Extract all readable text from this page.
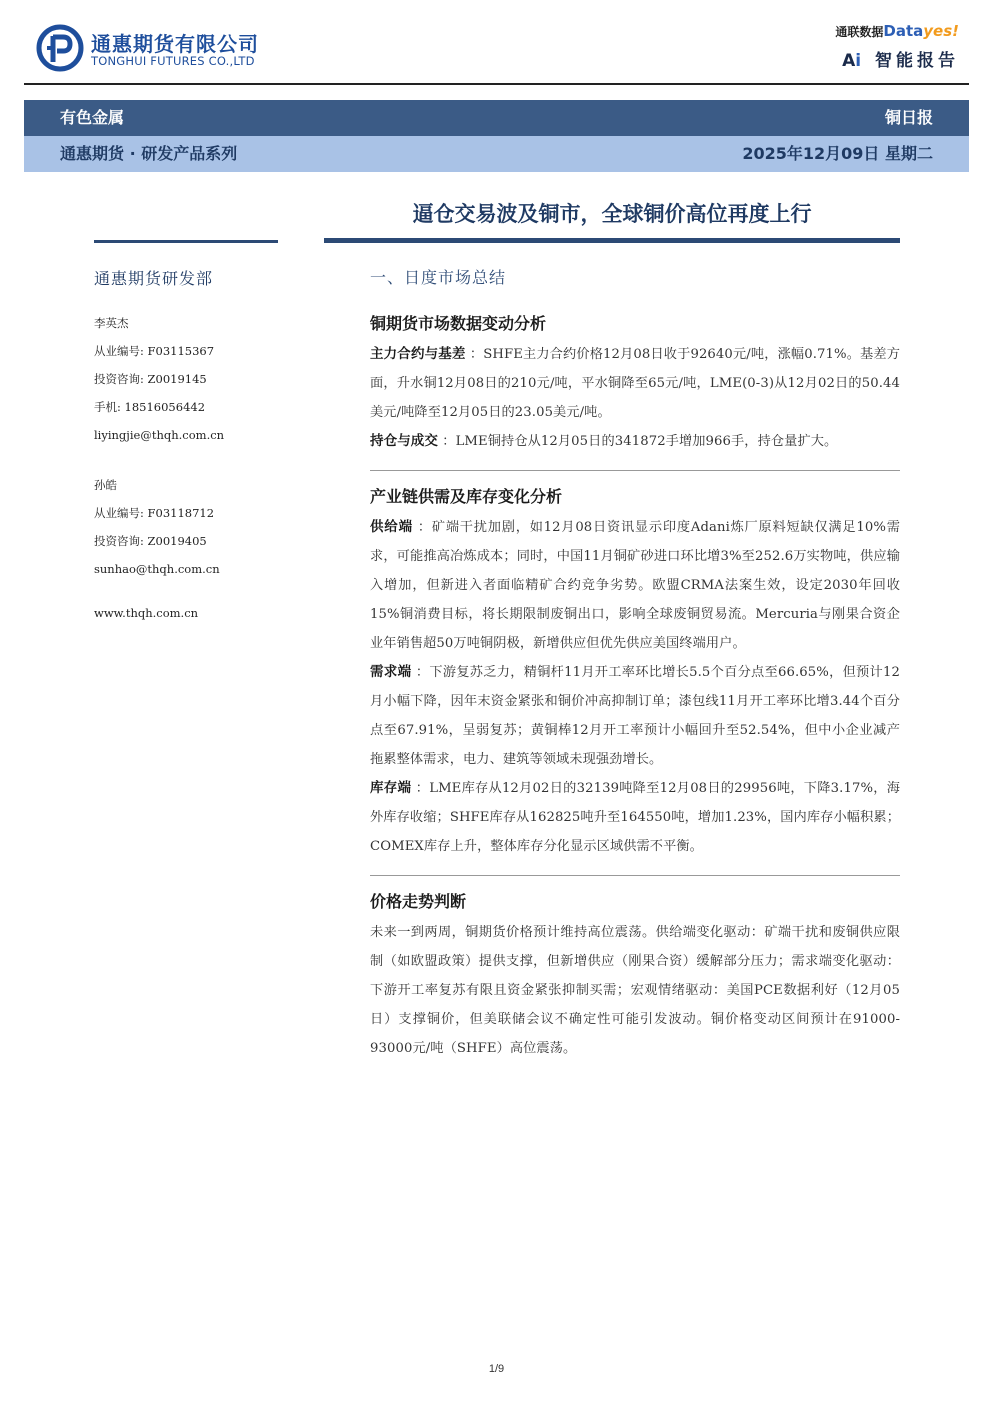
通惠期货有限公司
TONGHUI FUTURES CO.,LTD
通联数据Datayes!
Ai 智能报告
有色金属	铜日报
通惠期货 · 研发产品系列	2025年12月09日 星期二
逼仓交易波及铜市，全球铜价高位再度上行
通惠期货研发部
李英杰
从业编号: F03115367
投资咨询: Z0019145
手机: 18516056442
liyingjie@thqh.com.cn
孙皓
从业编号: F03118712
投资咨询: Z0019405
sunhao@thqh.com.cn
www.thqh.com.cn
一、日度市场总结
铜期货市场数据变动分析

主力合约与基差 ：SHFE主力合约价格12月08日收于92640元/吨，涨幅0.71%。基差方面，升水铜12月08日的210元/吨，平水铜降至65元/吨，LME(0-3)从12月02日的50.44美元/吨降至12月05日的23.05美元/吨。

持仓与成交 ：LME铜持仓从12月05日的341872手增加966手，持仓量扩大。

产业链供需及库存变化分析

供给端 ：矿端干扰加剧，如12月08日资讯显示印度Adani炼厂原料短缺仅满足10%需求，可能推高冶炼成本；同时，中国11月铜矿砂进口环比增3%至252.6万实物吨，供应输入增加，但新进入者面临精矿合约竞争劣势。欧盟CRMA法案生效，设定2030年回收15%铜消费目标，将长期限制废铜出口，影响全球废铜贸易流。Mercuria与刚果合资企业年销售超50万吨铜阴极，新增供应但优先供应美国终端用户。

需求端 ：下游复苏乏力，精铜杆11月开工率环比增长5.5个百分点至66.65%，但预计12月小幅下降，因年末资金紧张和铜价冲高抑制订单；漆包线11月开工率环比增3.44个百分点至67.91%，呈弱复苏；黄铜棒12月开工率预计小幅回升至52.54%，但中小企业减产拖累整体需求，电力、建筑等领域未现强劲增长。

库存端 ：LME库存从12月02日的32139吨降至12月08日的29956吨，下降3.17%，海外库存收缩；SHFE库存从162825吨升至164550吨，增加1.23%，国内库存小幅积累；COMEX库存上升，整体库存分化显示区域供需不平衡。

价格走势判断

未来一到两周，铜期货价格预计维持高位震荡。供给端变化驱动：矿端干扰和废铜供应限制（如欧盟政策）提供支撑，但新增供应（刚果合资）缓解部分压力；需求端变化驱动：下游开工率复苏有限且资金紧张抑制买需；宏观情绪驱动：美国PCE数据利好（12月05日）支撑铜价，但美联储会议不确定性可能引发波动。铜价格变动区间预计在91000-93000元/吨（SHFE）高位震荡。

1/9
